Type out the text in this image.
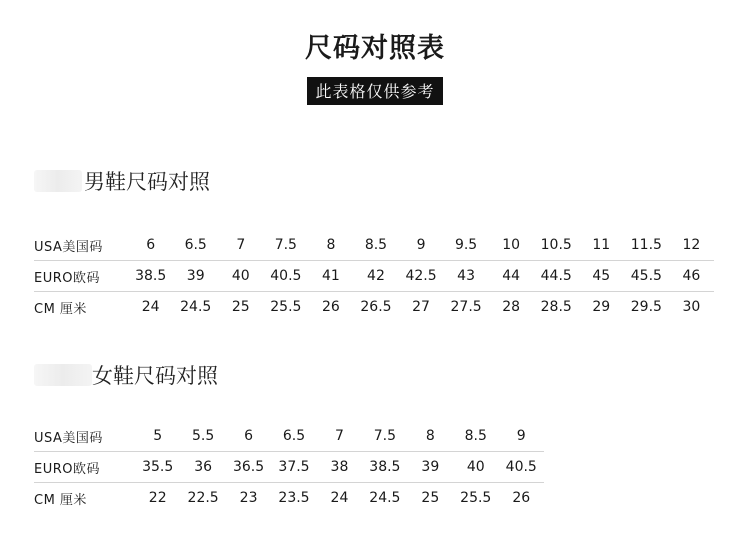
尺码对照表
此表格仅供参考
男鞋尺码对照
USA美国码	6	6.5	7	7.5	8	8.5	9	9.5	10	10.5	11	11.5	12
EURO欧码	38.5	39	40	40.5	41	42	42.5	43	44	44.5	45	45.5	46
CM 厘米	24	24.5	25	25.5	26	26.5	27	27.5	28	28.5	29	29.5	30
女鞋尺码对照
USA美国码	5	5.5	6	6.5	7	7.5	8	8.5	9
EURO欧码	35.5	36	36.5	37.5	38	38.5	39	40	40.5
CM 厘米	22	22.5	23	23.5	24	24.5	25	25.5	26
